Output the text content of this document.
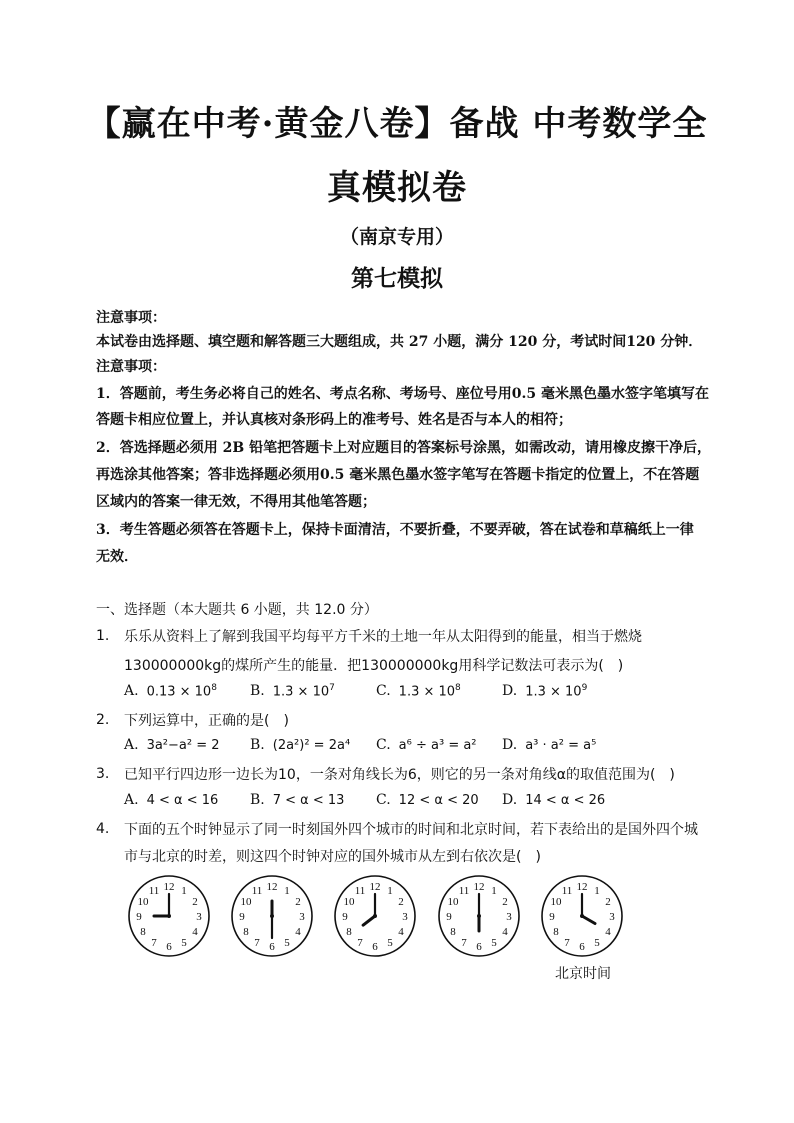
【赢在中考·黄金八卷】备战 中考数学全
真模拟卷
（南京专用）
第七模拟
注意事项：
本试卷由选择题、填空题和解答题三大题组成，共 27 小题，满分 120 分，考试时间120 分钟．
注意事项：
1．答题前，考生务必将自己的姓名、考点名称、考场号、座位号用0.5 毫米黑色墨水签字笔填写在
答题卡相应位置上，并认真核对条形码上的准考号、姓名是否与本人的相符；
2．答选择题必须用 2B 铅笔把答题卡上对应题目的答案标号涂黑，如需改动，请用橡皮擦干净后，
再选涂其他答案；答非选择题必须用0.5 毫米黑色墨水签字笔写在答题卡指定的位置上，不在答题
区域内的答案一律无效，不得用其他笔答题；
3．考生答题必须答在答题卡上，保持卡面清洁，不要折叠，不要弄破，答在试卷和草稿纸上一律
无效．
一、选择题（本大题共 6 小题，共 12.0 分）
1. 乐乐从资料上了解到我国平均每平方千米的土地一年从太阳得到的能量，相当于燃烧
130000000kg的煤所产生的能量．把130000000kg用科学记数法可表示为(　)
A. $0.13 \times 10^8$ B. $1.3 \times 10^7$	C. $1.3 \times 10^8$	D. $1.3 \times 10^9$
2. 下列运算中，正确的是(　)
A. 3a²−a² = 2 B. (2a²)² = 2a⁴ C. a⁶ ÷ a³ = a² D. a³ · a² = a⁵
3. 已知平行四边形一边长为10，一条对角线长为6，则它的另一条对角线α的取值范围为(　)
A. 4 < α < 16 B. 7 < α < 13 C. 12 < α < 20 D. 14 < α < 26
4. 下面的五个时钟显示了同一时刻国外四个城市的时间和北京时间，若下表给出的是国外四个城
市与北京的时差，则这四个时钟对应的国外城市从左到右依次是(　)
12 1
2
3
4
5
6
7
8
9
10
11	12 1
2
3
4
5
6
7
8
9
10
11	12 1
2
3
4
5
6
7
8
9
10
11	12 1
2
3
4
5
6
7
8
9
10
11	12 1
2
3
4
5
6
7
8
9
10
11
北京时间
